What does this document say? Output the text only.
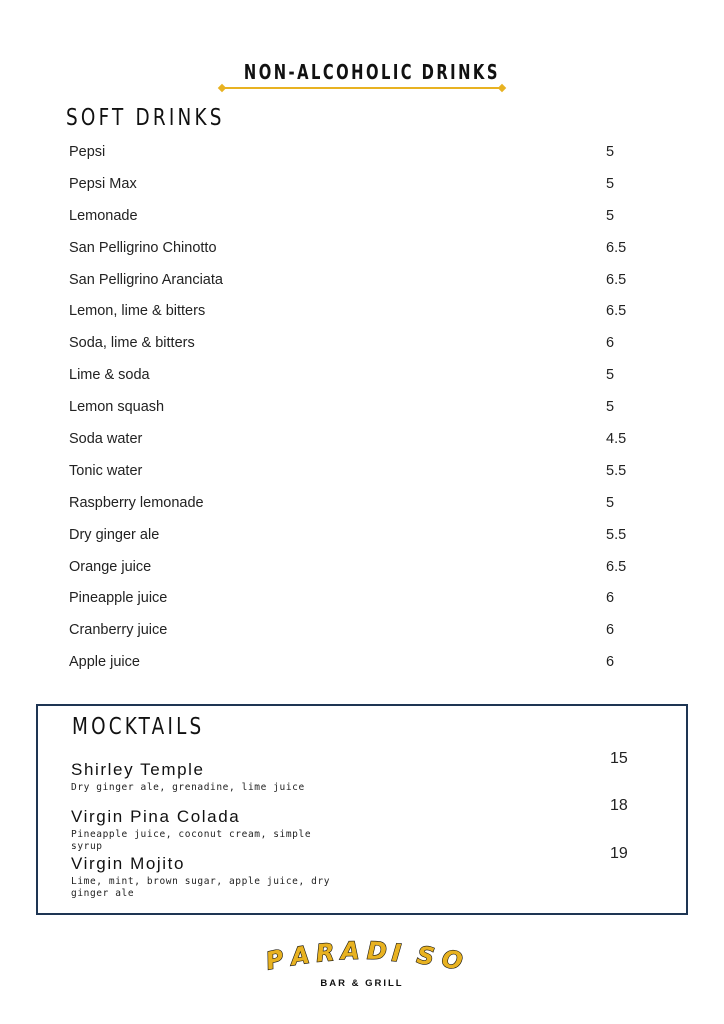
NON-ALCOHOLIC DRINKS
SOFT DRINKS
Pepsi	5
Pepsi Max	5
Lemonade	5
San Pelligrino Chinotto	6.5
San Pelligrino Aranciata	6.5
Lemon, lime & bitters	6.5
Soda, lime & bitters	6
Lime & soda	5
Lemon squash	5
Soda water	4.5
Tonic water	5.5
Raspberry lemonade	5
Dry ginger ale	5.5
Orange juice	6.5
Pineapple juice	6
Cranberry juice	6
Apple juice	6
MOCKTAILS
Shirley Temple
Dry ginger ale, grenadine, lime juice
15
Virgin Pina Colada
Pineapple juice, coconut cream, simple syrup
18
Virgin Mojito
Lime, mint, brown sugar, apple juice, dry ginger ale
19
P A R A D I S O
BAR & GRILL
